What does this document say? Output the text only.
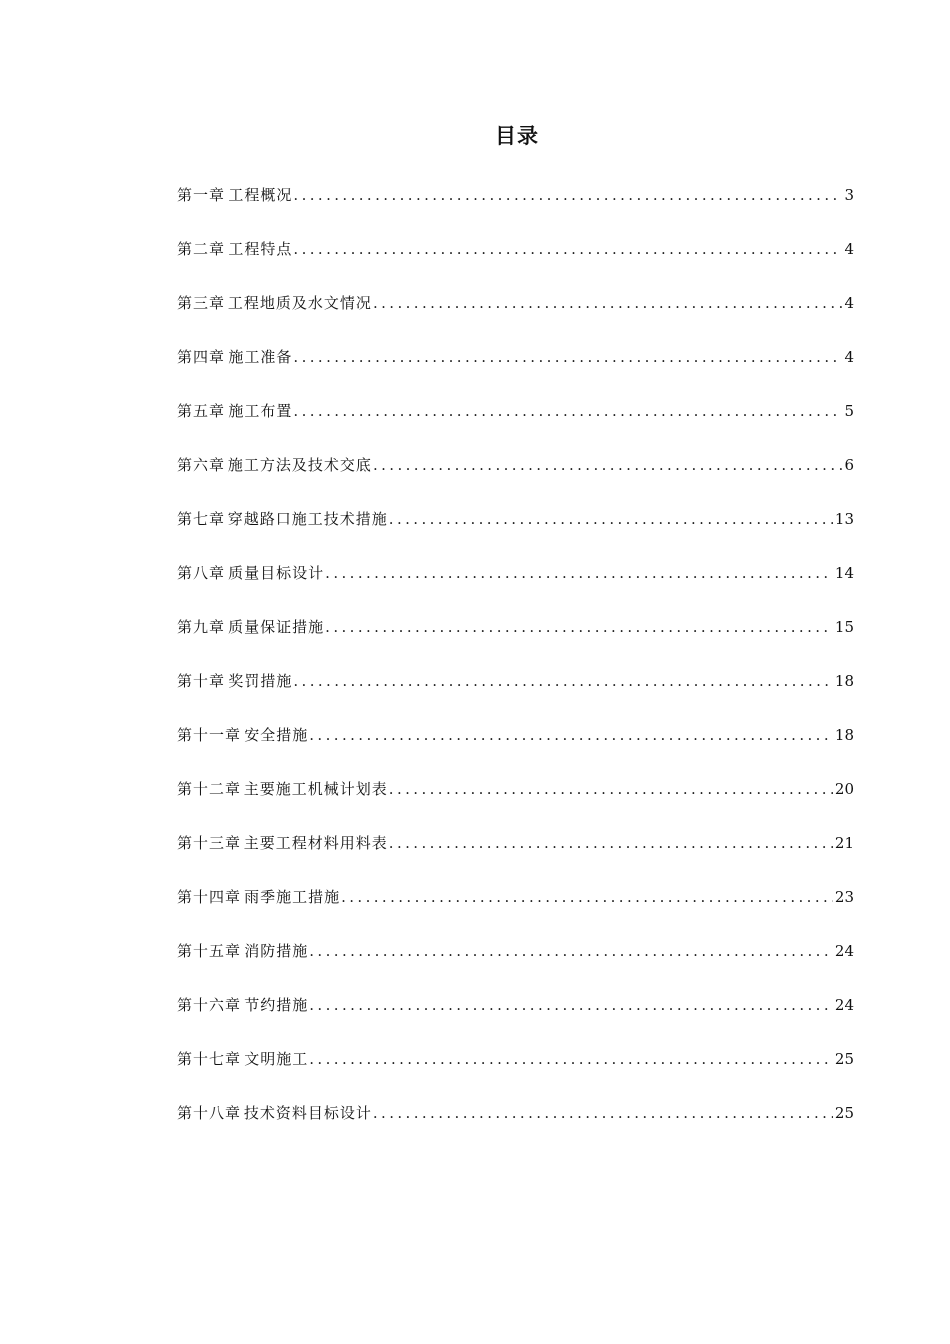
目录
第一章 工程概况 .....	3
第二章 工程特点 .....	4
第三章 工程地质及水文情况 .....	4
第四章 施工准备 .....	4
第五章 施工布置 .....	5
第六章 施工方法及技术交底 .....	6
第七章 穿越路口施工技术措施 .....	13
第八章 质量目标设计 .....	14
第九章 质量保证措施 .....	15
第十章 奖罚措施 .....	18
第十一章 安全措施 .....	18
第十二章 主要施工机械计划表 .....	20
第十三章 主要工程材料用料表 .....	21
第十四章 雨季施工措施 .....	23
第十五章 消防措施 .....	24
第十六章 节约措施 .....	24
第十七章 文明施工 .....	25
第十八章 技术资料目标设计 .....	25
